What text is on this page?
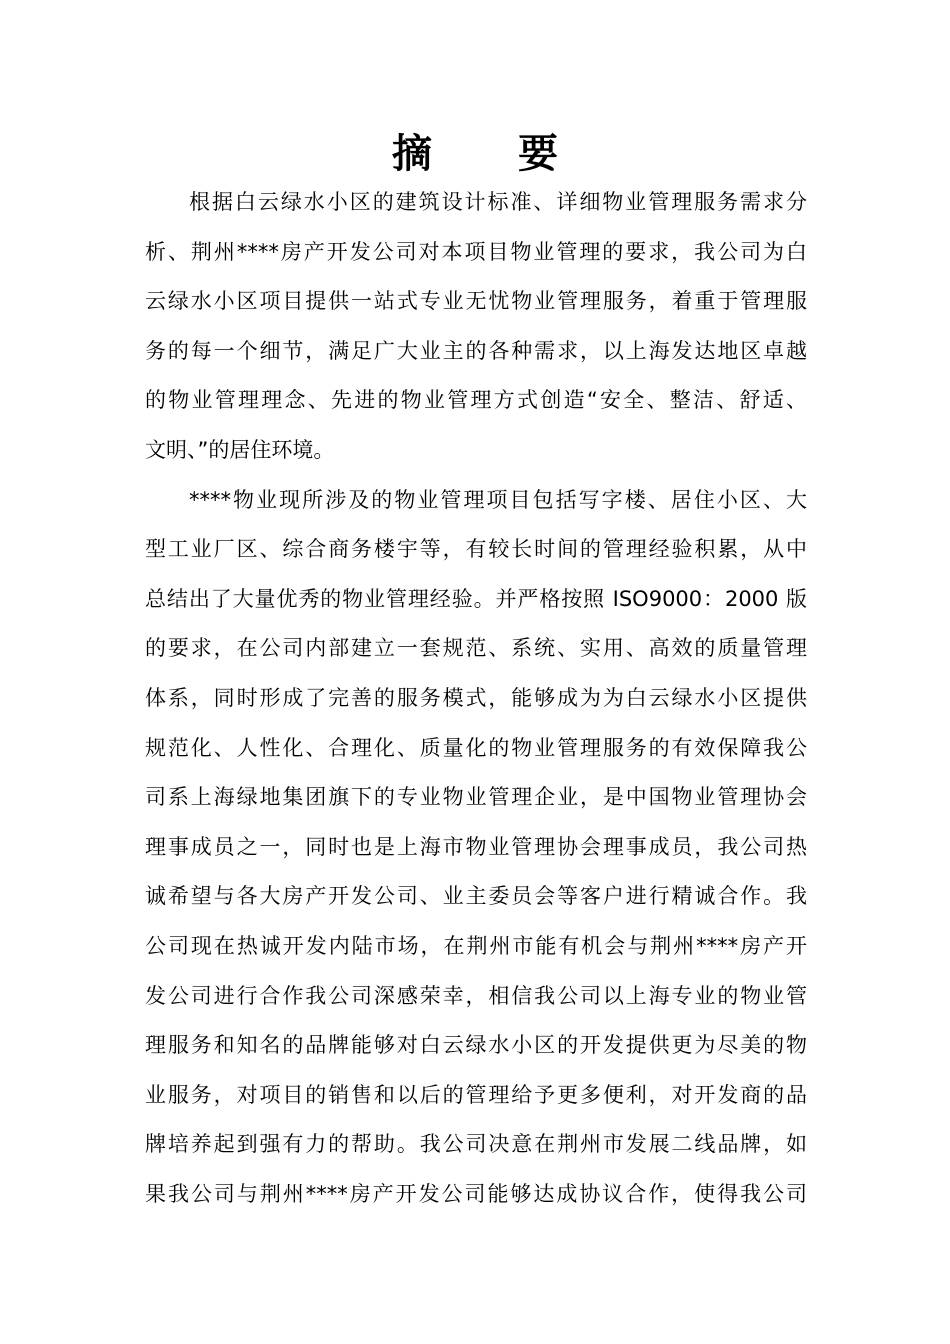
摘 要
根据白云绿水小区的建筑设计标准、详细物业管理服务需求分
析、荆州****房产开发公司对本项目物业管理的要求，我公司为白
云绿水小区项目提供一站式专业无忧物业管理服务，着重于管理服
务的每一个细节，满足广大业主的各种需求，以上海发达地区卓越
的物业管理理念、先进的物业管理方式创造“安全、整洁、舒适、
文明、”的居住环境。
****物业现所涉及的物业管理项目包括写字楼、居住小区、大
型工业厂区、综合商务楼宇等，有较长时间的管理经验积累，从中
总结出了大量优秀的物业管理经验。并严格按照 ISO9000：2000 版
的要求，在公司内部建立一套规范、系统、实用、高效的质量管理
体系，同时形成了完善的服务模式，能够成为为白云绿水小区提供
规范化、人性化、合理化、质量化的物业管理服务的有效保障我公
司系上海绿地集团旗下的专业物业管理企业，是中国物业管理协会
理事成员之一，同时也是上海市物业管理协会理事成员，我公司热
诚希望与各大房产开发公司、业主委员会等客户进行精诚合作。我
公司现在热诚开发内陆市场，在荆州市能有机会与荆州****房产开
发公司进行合作我公司深感荣幸，相信我公司以上海专业的物业管
理服务和知名的品牌能够对白云绿水小区的开发提供更为尽美的物
业服务，对项目的销售和以后的管理给予更多便利，对开发商的品
牌培养起到强有力的帮助。我公司决意在荆州市发展二线品牌，如
果我公司与荆州****房产开发公司能够达成协议合作，使得我公司
